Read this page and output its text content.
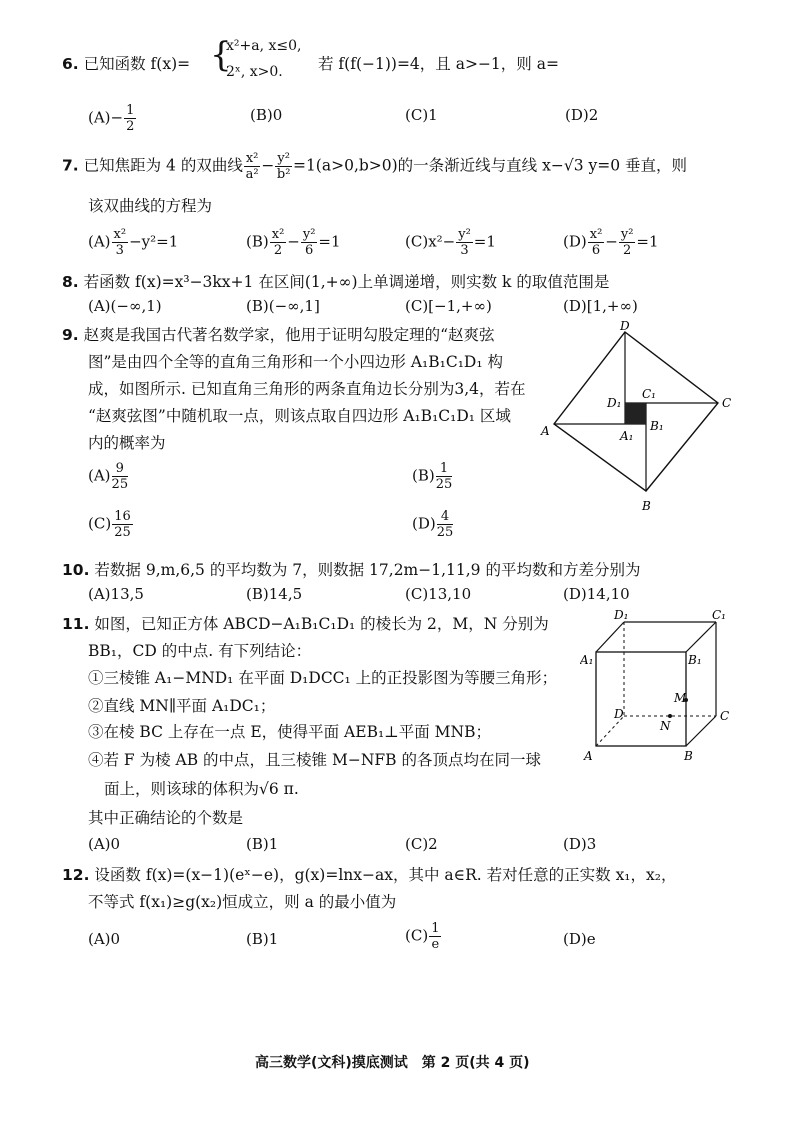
6. 已知函数 f(x)= {
x²+a, x≤0,
2ˣ, x>0. 若 f(f(−1))=4，且 a>−1，则 a=
$(A)- \frac{1}{2}$	(B)0	(C)1	(D)2
7. 已知焦距为 4 的双曲线 $\frac{\text{x²}}{\text{a²}} - \frac{\text{y²}}{\text{b²}} =1(a>0,b>0)$的一条渐近线与直线 x−√3 y=0 垂直，则
该双曲线的方程为
$(A) \frac{\text{x²}}{3} -y^2=1$	$(B) \frac{\text{x²}}{2} - \frac{\text{y²}}{6} =1$	$(C)x^2- \frac{\text{y²}}{3} =1$	$(D) \frac{\text{x²}}{6} - \frac{\text{y²}}{2} =1$
8. 若函数 f(x)=x³−3kx+1 在区间(1,+∞)上单调递增，则实数 k 的取值范围是
(A)(−∞,1)	(B)(−∞,1]	(C)[−1,+∞)	(D)[1,+∞)
9. 赵爽是我国古代著名数学家，他用于证明勾股定理的“赵爽弦
图”是由四个全等的直角三角形和一个小四边形 A₁B₁C₁D₁ 构
成，如图所示. 已知直角三角形的两条直角边长分别为3,4，若在
“赵爽弦图”中随机取一点，则该点取自四边形 A₁B₁C₁D₁ 区域
内的概率为
$(A) \frac{9}{25}$	$(B) \frac{1}{25}$
$(C) \frac{16}{25}$	$(D) \frac{4}{25}$
D
C
B
A
C₁
D₁
B₁
A₁
10. 若数据 9,m,6,5 的平均数为 7，则数据 17,2m−1,11,9 的平均数和方差分别为
(A)13,5	(B)14,5	(C)13,10	(D)14,10
11. 如图，已知正方体 ABCD−A₁B₁C₁D₁ 的棱长为 2，M，N 分别为
BB₁，CD 的中点. 有下列结论：
①三棱锥 A₁−MND₁ 在平面 D₁DCC₁ 上的正投影图为等腰三角形；
②直线 MN∥平面 A₁DC₁；
③在棱 BC 上存在一点 E，使得平面 AEB₁⊥平面 MNB；
④若 F 为棱 AB 的中点，且三棱锥 M−NFB 的各顶点均在同一球
面上，则该球的体积为√6 π.
其中正确结论的个数是
(A)0	(B)1	(C)2	(D)3
D₁	C₁
A₁	B₁
M
N
D	C
A	B
12. 设函数 f(x)=(x−1)(eˣ−e)，g(x)=lnx−ax，其中 a∈R. 若对任意的正实数 x₁，x₂，
不等式 f(x₁)≥g(x₂)恒成立，则 a 的最小值为
(A)0	(B)1	$(C) \frac{1}{e}$	(D)e
高三数学(文科)摸底测试　第 2 页(共 4 页)
